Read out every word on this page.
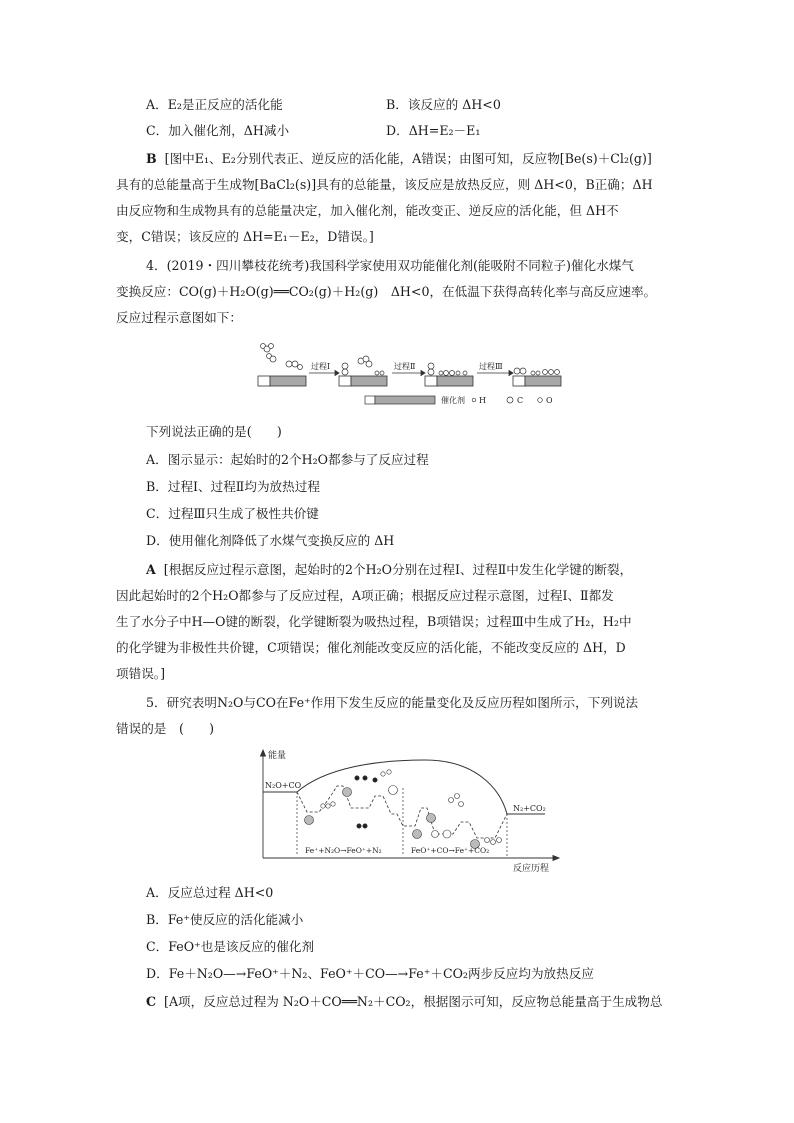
A．E₂是正反应的活化能	B．该反应的 ΔH<0
C．加入催化剂，ΔH减小	D．ΔH=E₂－E₁
B [图中E₁、E₂分别代表正、逆反应的活化能，A错误；由图可知，反应物[Be(s)＋Cl₂(g)]
具有的总能量高于生成物[BaCl₂(s)]具有的总能量，该反应是放热反应，则 ΔH<0，B正确；ΔH
由反应物和生成物具有的总能量决定，加入催化剂，能改变正、逆反应的活化能，但 ΔH不
变，C错误；该反应的 ΔH=E₁－E₂，D错误。]
4．(2019・四川攀枝花统考)我国科学家使用双功能催化剂(能吸附不同粒子)催化水煤气
变换反应：CO(g)＋H₂O(g)══CO₂(g)＋H₂(g)　ΔH<0，在低温下获得高转化率与高反应速率。
反应过程示意图如下：
过程Ⅰ	过程Ⅱ	过程Ⅲ
催化剂 H	C	O
下列说法正确的是(　　)
A．图示显示：起始时的2个H₂O都参与了反应过程
B．过程Ⅰ、过程Ⅱ均为放热过程
C．过程Ⅲ只生成了极性共价键
D．使用催化剂降低了水煤气变换反应的 ΔH
A [根据反应过程示意图，起始时的2个H₂O分别在过程Ⅰ、过程Ⅱ中发生化学键的断裂，
因此起始时的2个H₂O都参与了反应过程，A项正确；根据反应过程示意图，过程Ⅰ、Ⅱ都发
生了水分子中H—O键的断裂，化学键断裂为吸热过程，B项错误；过程Ⅲ中生成了H₂，H₂中
的化学键为非极性共价键，C项错误；催化剂能改变反应的活化能，不能改变反应的 ΔH，D
项错误。]
5．研究表明N₂O与CO在Fe⁺作用下发生反应的能量变化及反应历程如图所示，下列说法
错误的是　(　　)
能量
反应历程
N₂O+CO
N₂+CO₂
Fe⁺+N₂O→FeO⁺+N₂	FeO⁺+CO→Fe⁺+CO₂
A．反应总过程 ΔH<0
B．Fe⁺使反应的活化能减小
C．FeO⁺也是该反应的催化剂
D．Fe＋N₂O—→FeO⁺＋N₂、FeO⁺＋CO—→Fe⁺＋CO₂两步反应均为放热反应
C [A项，反应总过程为 N₂O＋CO══N₂＋CO₂，根据图示可知，反应物总能量高于生成物总
